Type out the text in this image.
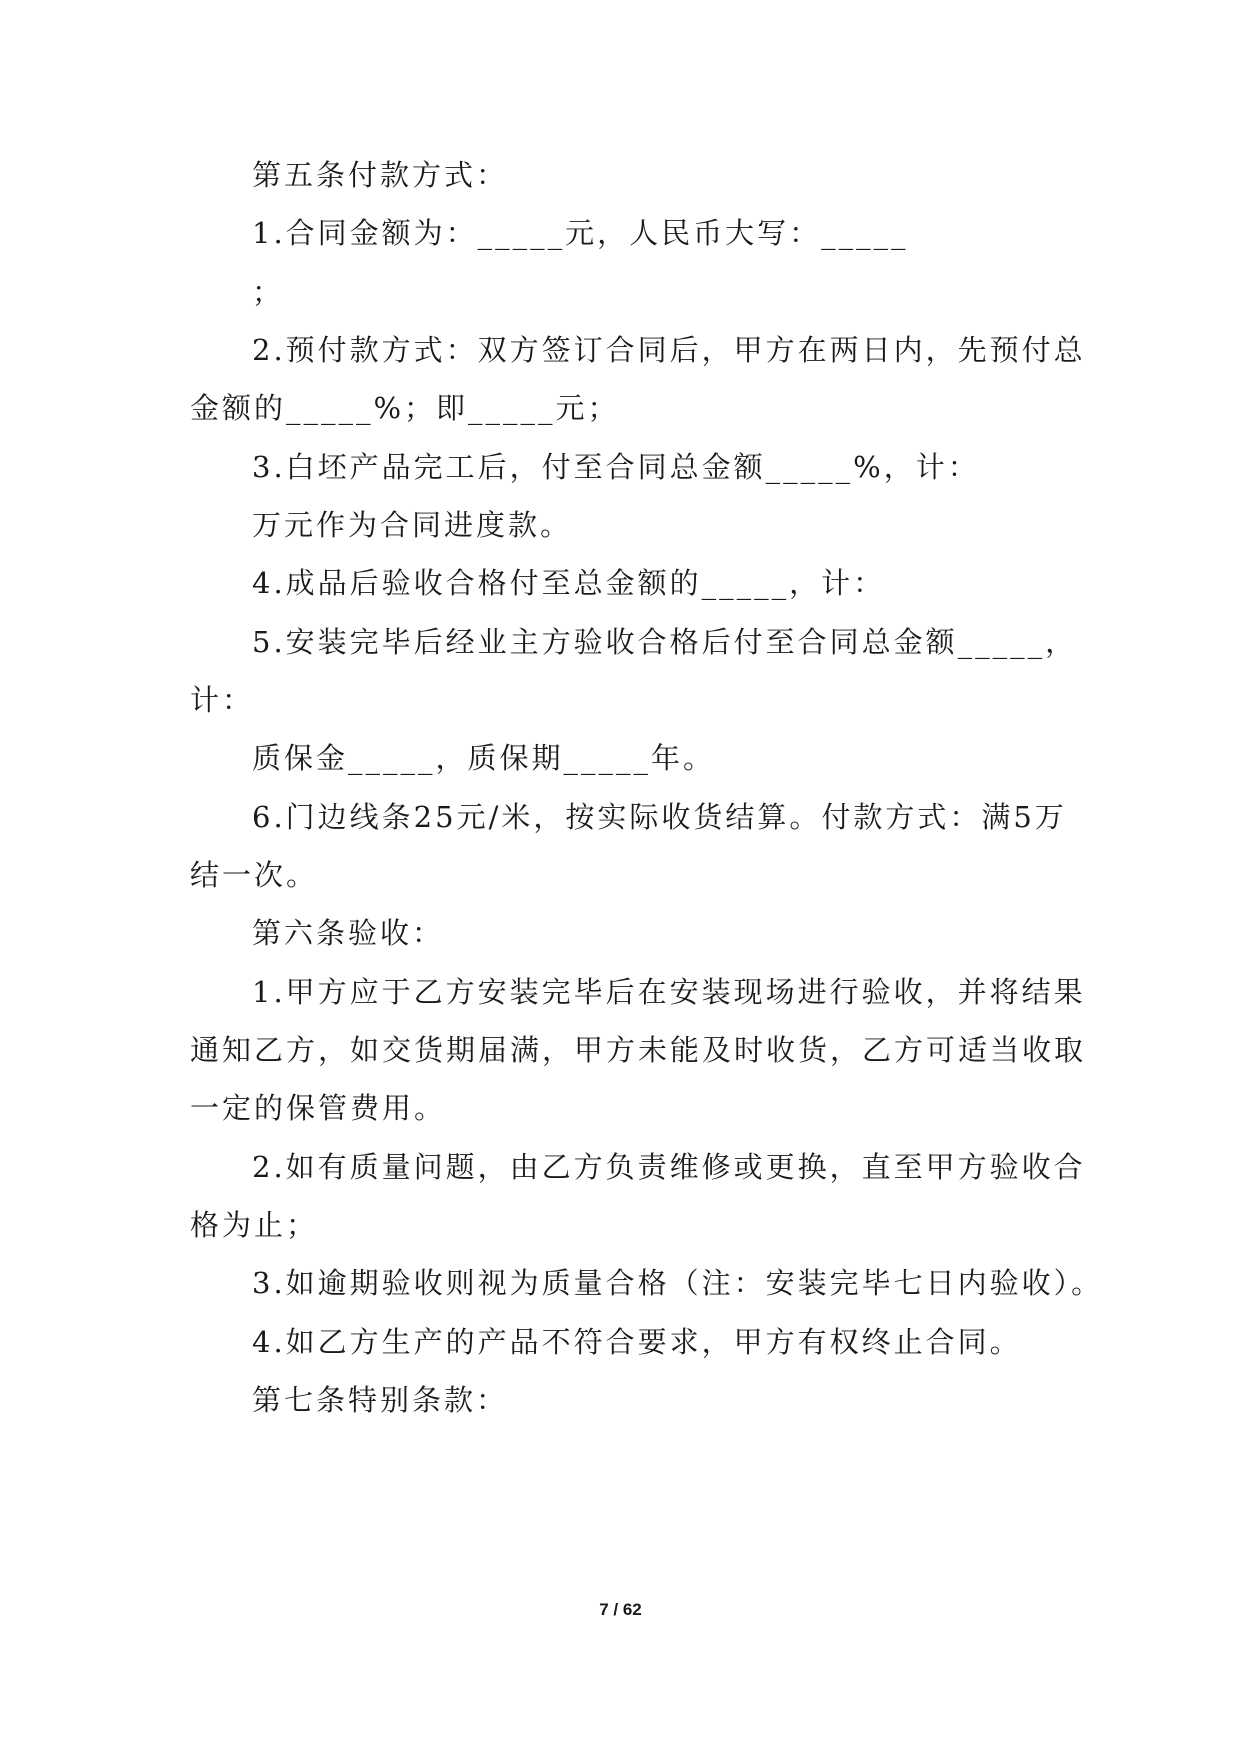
第五条付款方式：
1.合同金额为：_____元，人民币大写：_____
；
2.预付款方式：双方签订合同后，甲方在两日内，先预付总
金额的_____%；即_____元；
3.白坯产品完工后，付至合同总金额_____%，计：
万元作为合同进度款。
4.成品后验收合格付至总金额的_____，计：
5.安装完毕后经业主方验收合格后付至合同总金额_____，
计：
质保金_____，质保期_____年。
6.门边线条25元/米，按实际收货结算。付款方式：满5万
结一次。
第六条验收：
1.甲方应于乙方安装完毕后在安装现场进行验收，并将结果
通知乙方，如交货期届满，甲方未能及时收货，乙方可适当收取
一定的保管费用。
2.如有质量问题，由乙方负责维修或更换，直至甲方验收合
格为止；
3.如逾期验收则视为质量合格（注：安装完毕七日内验收）。
4.如乙方生产的产品不符合要求，甲方有权终止合同。
第七条特别条款：
7 / 62
